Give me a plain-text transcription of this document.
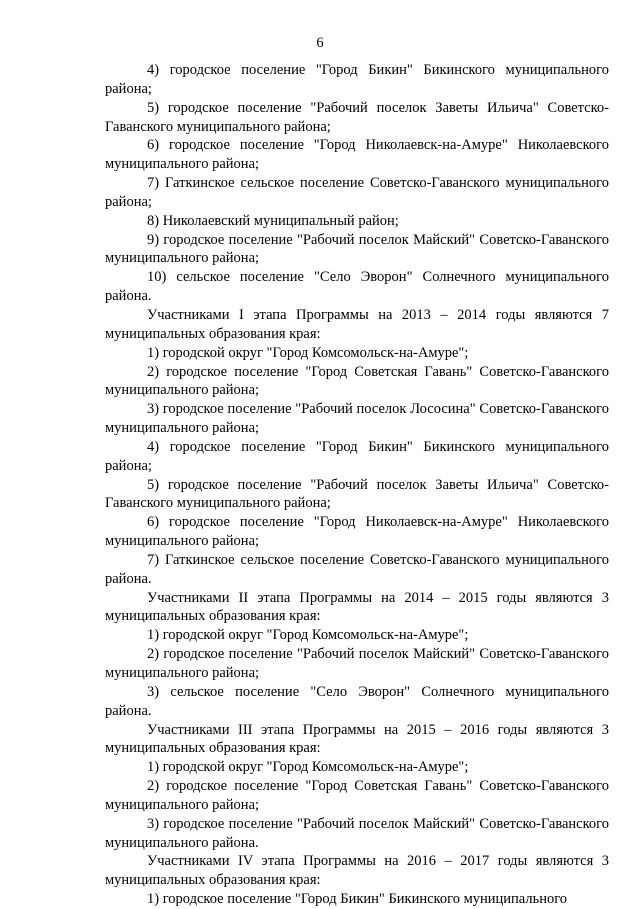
6

4) городское поселение "Город Бикин" Бикинского муниципального района;

5) городское поселение "Рабочий поселок Заветы Ильича" Советско-Гаванского муниципального района;

6) городское поселение "Город Николаевск-на-Амуре" Николаевского муниципального района;

7) Гаткинское сельское поселение Советско-Гаванского муниципального района;

8) Николаевский муниципальный район;

9) городское поселение "Рабочий поселок Майский" Советско-Гаванского муниципального района;

10) сельское поселение "Село Эворон" Солнечного муниципального района.

Участниками I этапа Программы на 2013 – 2014 годы являются 7 муниципальных образования края:

1) городской округ "Город Комсомольск-на-Амуре";

2) городское поселение "Город Советская Гавань" Советско-Гаванского муниципального района;

3) городское поселение "Рабочий поселок Лососина" Советско-Гаванского муниципального района;

4) городское поселение "Город Бикин" Бикинского муниципального района;

5) городское поселение "Рабочий поселок Заветы Ильича" Советско-Гаванского муниципального района;

6) городское поселение "Город Николаевск-на-Амуре" Николаевского муниципального района;

7) Гаткинское сельское поселение Советско-Гаванского муниципального района.

Участниками II этапа Программы на 2014 – 2015 годы являются 3 муниципальных образования края:

1) городской округ "Город Комсомольск-на-Амуре";

2) городское поселение "Рабочий поселок Майский" Советско-Гаванского муниципального района;

3) сельское поселение "Село Эворон" Солнечного муниципального района.

Участниками III этапа Программы на 2015 – 2016 годы являются 3 муниципальных образования края:

1) городской округ "Город Комсомольск-на-Амуре";

2) городское поселение "Город Советская Гавань" Советско-Гаванского муниципального района;

3) городское поселение "Рабочий поселок Майский" Советско-Гаванского муниципального района.

Участниками IV этапа Программы на 2016 – 2017 годы являются 3 муниципальных образования края:

1) городское поселение "Город Бикин" Бикинского муниципального
